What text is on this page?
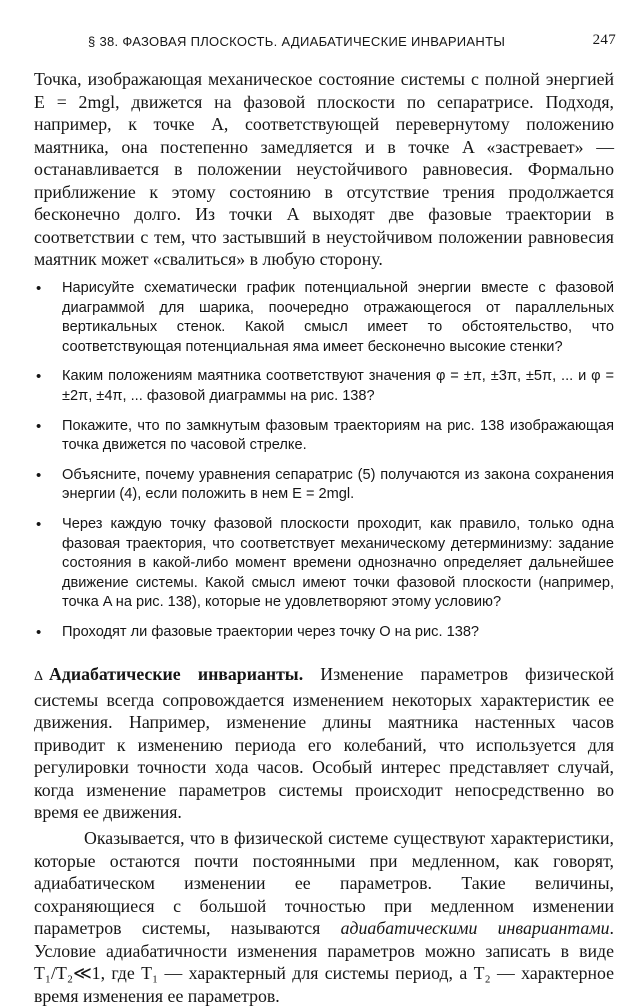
§ 38. ФАЗОВАЯ ПЛОСКОСТЬ. АДИАБАТИЧЕСКИЕ ИНВАРИАНТЫ	247

Точка, изображающая механическое состояние системы с полной энергией E = 2mgl, движется на фазовой плоскости по сепаратрисе. Подходя, например, к точке A, соответствующей перевернутому положению маятника, она постепенно замедляется и в точке A «застревает» — останавливается в положении неустойчивого равновесия. Формально приближение к этому состоянию в отсутствие трения продолжается бесконечно долго. Из точки A выходят две фазовые траектории в соответствии с тем, что застывший в неустойчивом положении равновесия маятник может «свалиться» в любую сторону.

• Нарисуйте схематически график потенциальной энергии вместе с фазовой диаграммой для шарика, поочередно отражающегося от параллельных вертикальных стенок. Какой смысл имеет то обстоятельство, что соответствующая потенциальная яма имеет бесконечно высокие стенки?
• Каким положениям маятника соответствуют значения φ = ±π, ±3π, ±5π, ... и φ = ±2π, ±4π, ... фазовой диаграммы на рис. 138?
• Покажите, что по замкнутым фазовым траекториям на рис. 138 изображающая точка движется по часовой стрелке.
• Объясните, почему уравнения сепаратрис (5) получаются из закона сохранения энергии (4), если положить в нем E = 2mgl.
• Через каждую точку фазовой плоскости проходит, как правило, только одна фазовая траектория, что соответствует механическому детерминизму: задание состояния в какой-либо момент времени однозначно определяет дальнейшее движение системы. Какой смысл имеют точки фазовой плоскости (например, точка A на рис. 138), которые не удовлетворяют этому условию?
• Проходят ли фазовые траектории через точку O на рис. 138?

Δ Адиабатические инварианты. Изменение параметров физической системы всегда сопровождается изменением некоторых характеристик ее движения. Например, изменение длины маятника настенных часов приводит к изменению периода его колебаний, что используется для регулировки точности хода часов. Особый интерес представляет случай, когда изменение параметров системы происходит непосредственно во время ее движения.

Оказывается, что в физической системе существуют характеристики, которые остаются почти постоянными при медленном, как говорят, адиабатическом изменении ее параметров. Такие величины, сохраняющиеся с большой точностью при медленном изменении параметров системы, называются адиабатическими инвариантами. Условие адиабатичности изменения параметров можно записать в виде T₁/T₂≪1, где T₁ — характерный для системы период, а T₂ — характерное время изменения ее параметров.
